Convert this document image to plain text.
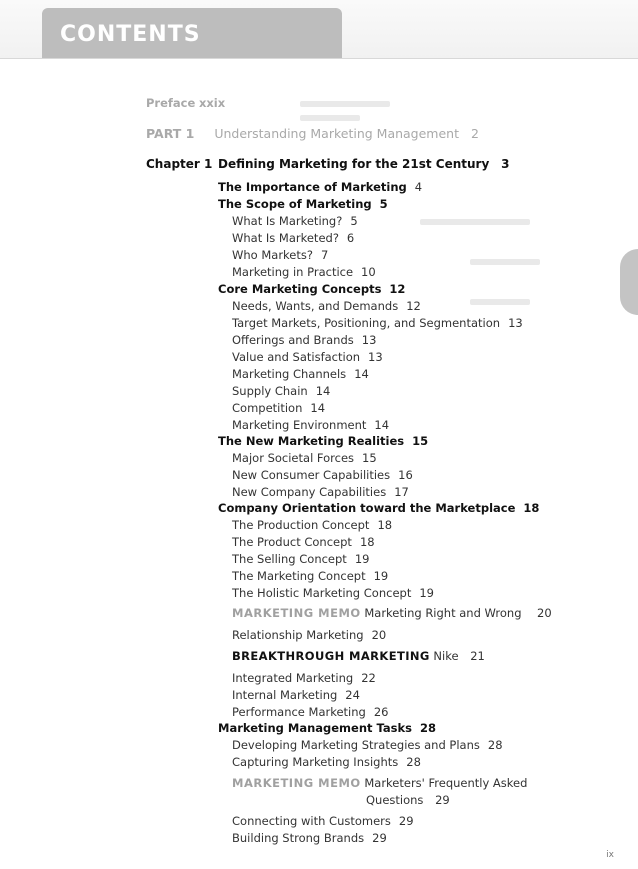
CONTENTS
Preface xxix
PART 1 Understanding Marketing Management 2
Chapter 1 Defining Marketing for the 21st Century 3
The Importance of Marketing 4
The Scope of Marketing 5
What Is Marketing? 5
What Is Marketed? 6
Who Markets? 7
Marketing in Practice 10
Core Marketing Concepts 12
Needs, Wants, and Demands 12
Target Markets, Positioning, and Segmentation 13
Offerings and Brands 13
Value and Satisfaction 13
Marketing Channels 14
Supply Chain 14
Competition 14
Marketing Environment 14
The New Marketing Realities 15
Major Societal Forces 15
New Consumer Capabilities 16
New Company Capabilities 17
Company Orientation toward the Marketplace 18
The Production Concept 18
The Product Concept 18
The Selling Concept 19
The Marketing Concept 19
The Holistic Marketing Concept 19
MARKETING MEMO Marketing Right and Wrong 20
Relationship Marketing 20
BREAKTHROUGH MARKETING Nike 21
Integrated Marketing 22
Internal Marketing 24
Performance Marketing 26
Marketing Management Tasks 28
Developing Marketing Strategies and Plans 28
Capturing Marketing Insights 28
MARKETING MEMO Marketers' Frequently Asked
Questions 29
Connecting with Customers 29
Building Strong Brands 29
ix
